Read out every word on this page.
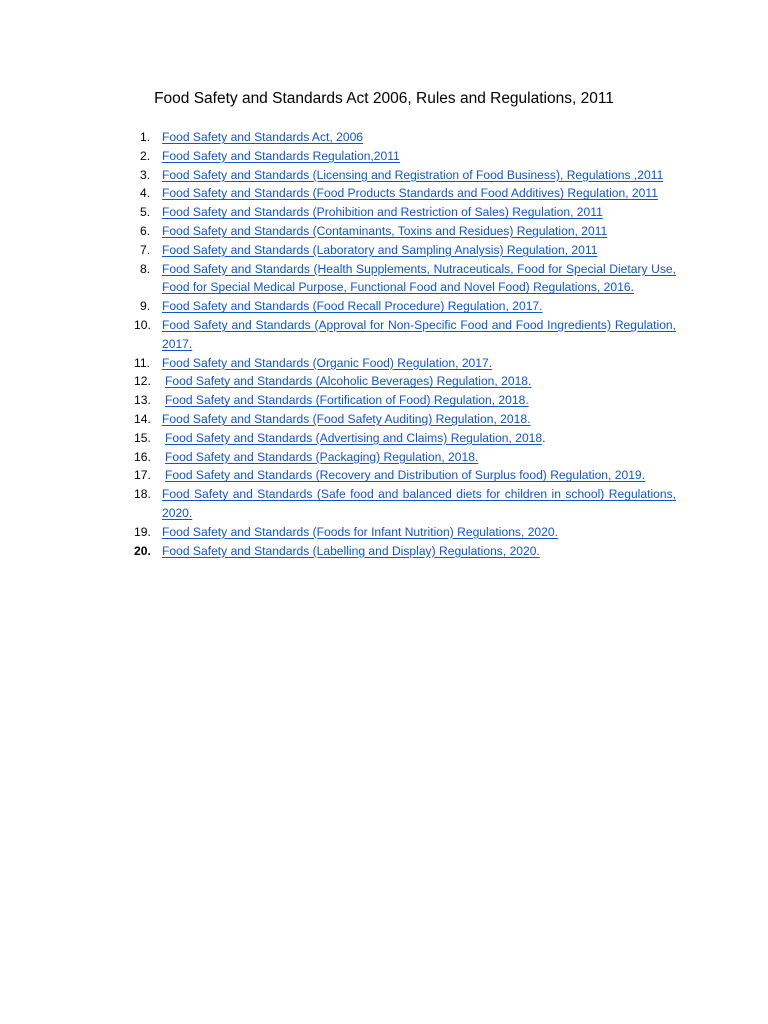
Food Safety and Standards Act 2006, Rules and Regulations, 2011
1. Food Safety and Standards Act, 2006
2. Food Safety and Standards Regulation,2011
3. Food Safety and Standards (Licensing and Registration of Food Business), Regulations ,2011
4. Food Safety and Standards (Food Products Standards and Food Additives) Regulation, 2011
5. Food Safety and Standards (Prohibition and Restriction of Sales) Regulation, 2011
6. Food Safety and Standards (Contaminants, Toxins and Residues) Regulation, 2011
7. Food Safety and Standards (Laboratory and Sampling Analysis) Regulation, 2011
8. Food Safety and Standards (Health Supplements, Nutraceuticals, Food for Special Dietary Use, Food for Special Medical Purpose, Functional Food and Novel Food) Regulations, 2016.
9. Food Safety and Standards (Food Recall Procedure) Regulation, 2017.
10. Food Safety and Standards (Approval for Non-Specific Food and Food Ingredients) Regulation, 2017.
11. Food Safety and Standards (Organic Food) Regulation, 2017.
12.	Food Safety and Standards (Alcoholic Beverages) Regulation, 2018.
13.	Food Safety and Standards (Fortification of Food) Regulation, 2018.
14. Food Safety and Standards (Food Safety Auditing) Regulation, 2018.
15.	Food Safety and Standards (Advertising and Claims) Regulation, 2018.
16.	Food Safety and Standards (Packaging) Regulation, 2018.
17.	Food Safety and Standards (Recovery and Distribution of Surplus food) Regulation, 2019.
18. Food Safety and Standards (Safe food and balanced diets for children in school) Regulations, 2020.
19. Food Safety and Standards (Foods for Infant Nutrition) Regulations, 2020.
20. Food Safety and Standards (Labelling and Display) Regulations, 2020.
